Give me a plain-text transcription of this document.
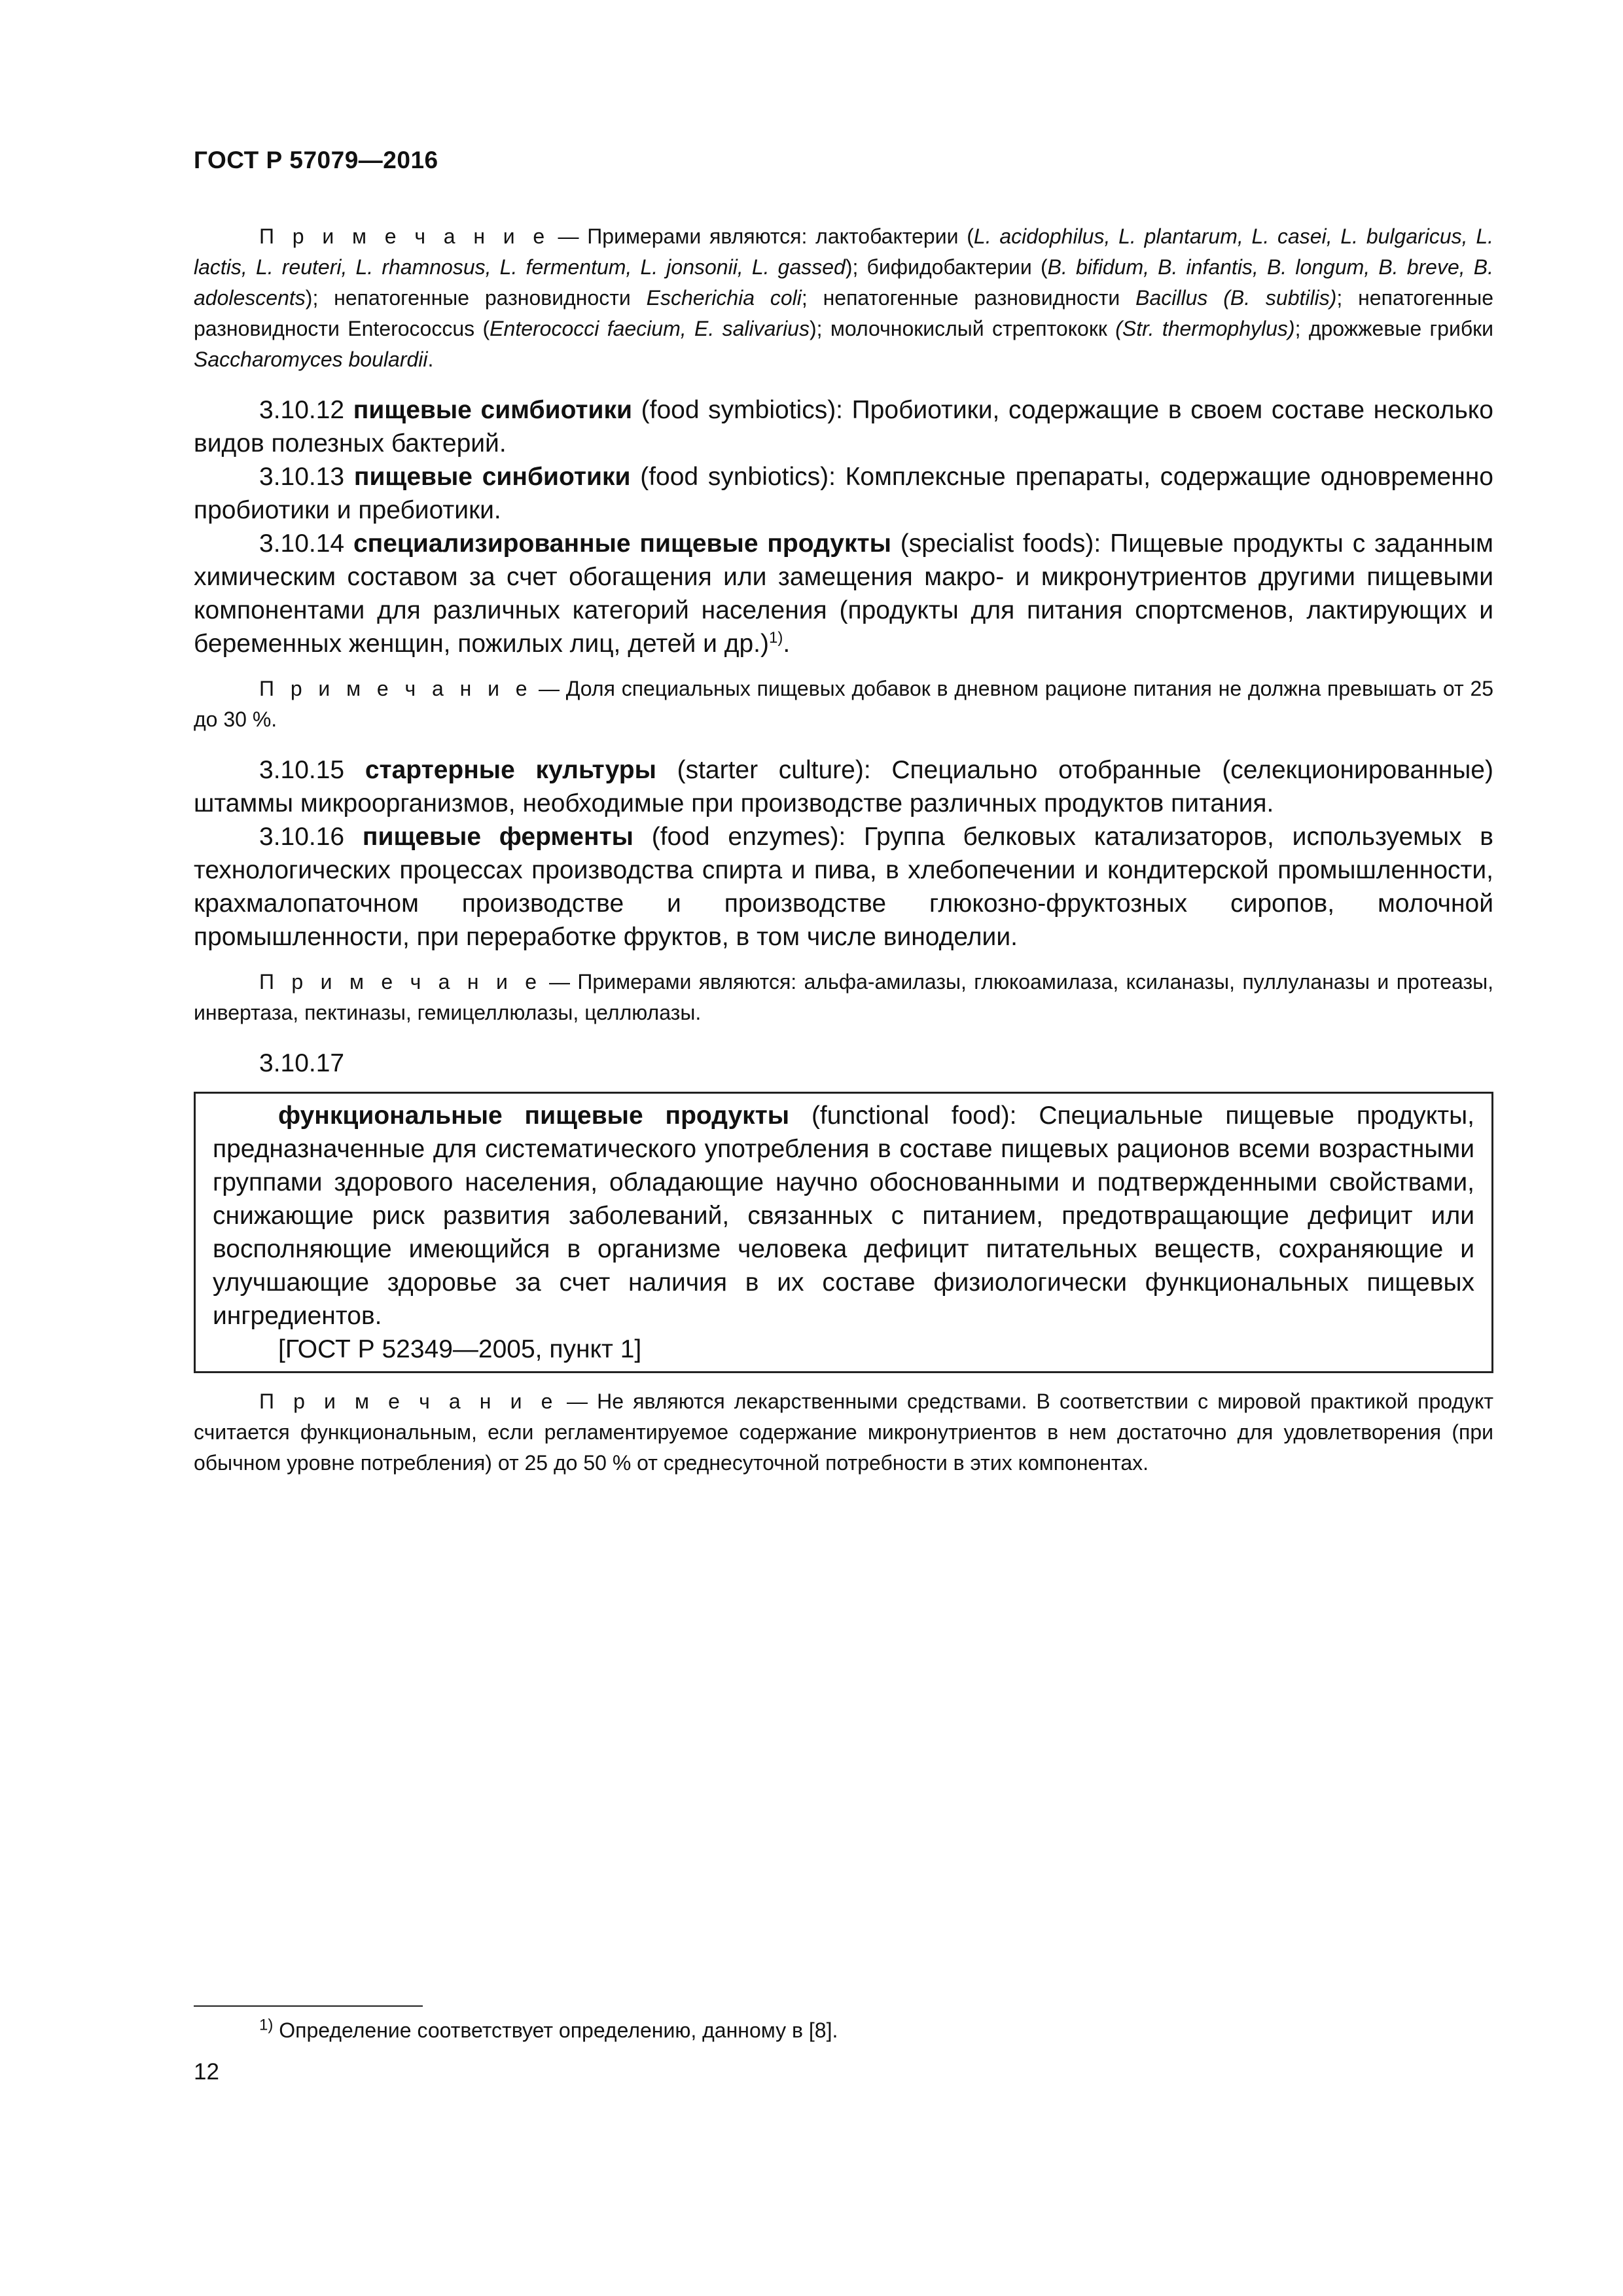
ГОСТ Р 57079—2016

П р и м е ч а н и е — Примерами являются: лактобактерии (L. acidophilus, L. plantarum, L. casei, L. bulgaricus, L. lactis, L. reuteri, L. rhamnosus, L. fermentum, L. jonsonii, L. gassed); бифидобактерии (B. bifidum, B. infantis, B. longum, B. breve, B. adolescents); непатогенные разновидности Escherichia coli; непатогенные разновидности Bacillus (B. subtilis); непатогенные разновидности Enterococcus (Enterococci faecium, E. salivarius); молочнокислый стрептококк (Str. thermophylus); дрожжевые грибки Saccharomyces boulardii.

3.10.12 пищевые симбиотики (food symbiotics): Пробиотики, содержащие в своем составе несколько видов полезных бактерий.

3.10.13 пищевые синбиотики (food synbiotics): Комплексные препараты, содержащие одновременно пробиотики и пребиотики.

3.10.14 специализированные пищевые продукты (specialist foods): Пищевые продукты с заданным химическим составом за счет обогащения или замещения макро- и микронутриентов другими пищевыми компонентами для различных категорий населения (продукты для питания спортсменов, лактирующих и беременных женщин, пожилых лиц, детей и др.)$^{1)}$.

П р и м е ч а н и е — Доля специальных пищевых добавок в дневном рационе питания не должна превышать от 25 до 30 %.

3.10.15 стартерные культуры (starter culture): Специально отобранные (селекционированные) штаммы микроорганизмов, необходимые при производстве различных продуктов питания.

3.10.16 пищевые ферменты (food enzymes): Группа белковых катализаторов, используемых в технологических процессах производства спирта и пива, в хлебопечении и кондитерской промышленности, крахмалопаточном производстве и производстве глюкозно-фруктозных сиропов, молочной промышленности, при переработке фруктов, в том числе виноделии.

П р и м е ч а н и е — Примерами являются: альфа-амилазы, глюкоамилаза, ксиланазы, пуллуланазы и протеазы, инвертаза, пектиназы, гемицеллюлазы, целлюлазы.

3.10.17

функциональные пищевые продукты (functional food): Специальные пищевые продукты, предназначенные для систематического употребления в составе пищевых рационов всеми возрастными группами здорового населения, обладающие научно обоснованными и подтвержденными свойствами, снижающие риск развития заболеваний, связанных с питанием, предотвращающие дефицит или восполняющие имеющийся в организме человека дефицит питательных веществ, сохраняющие и улучшающие здоровье за счет наличия в их составе физиологически функциональных пищевых ингредиентов.

[ГОСТ Р 52349—2005, пункт 1]

П р и м е ч а н и е — Не являются лекарственными средствами. В соответствии с мировой практикой продукт считается функциональным, если регламентируемое содержание микронутриентов в нем достаточно для удовлетворения (при обычном уровне потребления) от 25 до 50 % от среднесуточной потребности в этих компонентах.

$^{1)}$ Определение соответствует определению, данному в [8].
12
